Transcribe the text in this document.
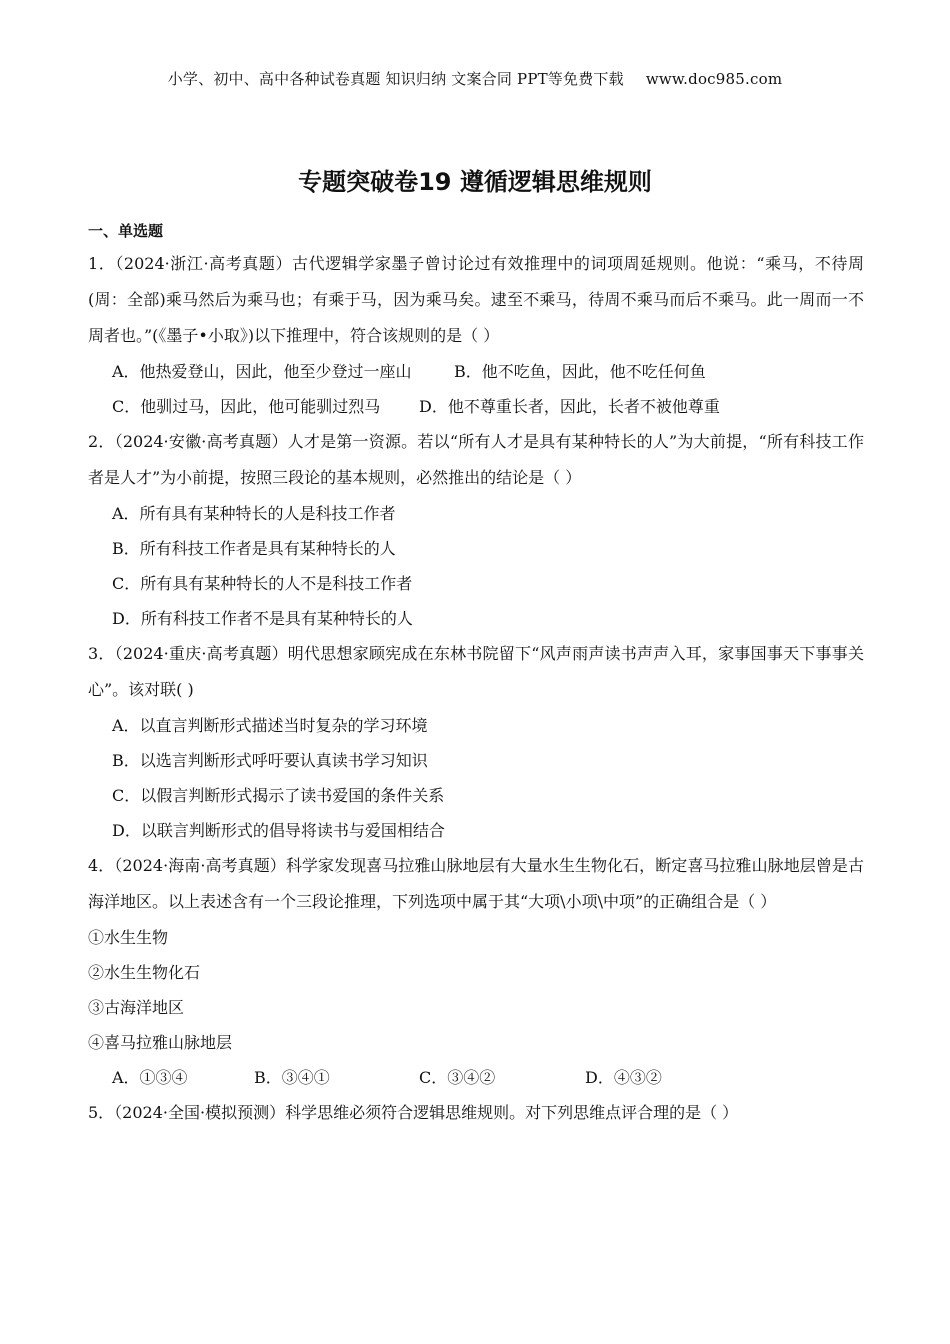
小学、初中、高中各种试卷真题 知识归纳 文案合同 PPT等免费下载 www.doc985.com
专题突破卷19 遵循逻辑思维规则
一、单选题
1．（2024·浙江·高考真题）古代逻辑学家墨子曾讨论过有效推理中的词项周延规则。他说：“乘马，不待周(周：全部)乘马然后为乘马也；有乘于马，因为乘马矣。逮至不乘马，待周不乘马而后不乘马。此一周而一不周者也。”(《墨子•小取》)以下推理中，符合该规则的是（ ）
A．他热爱登山，因此，他至少登过一座山	B．他不吃鱼，因此，他不吃任何鱼
C．他驯过马，因此，他可能驯过烈马 D．他不尊重长者，因此，长者不被他尊重
2．（2024·安徽·高考真题）人才是第一资源。若以“所有人才是具有某种特长的人”为大前提，“所有科技工作者是人才”为小前提，按照三段论的基本规则，必然推出的结论是（ ）
A．所有具有某种特长的人是科技工作者
B．所有科技工作者是具有某种特长的人
C．所有具有某种特长的人不是科技工作者
D．所有科技工作者不是具有某种特长的人
3．（2024·重庆·高考真题）明代思想家顾宪成在东林书院留下“风声雨声读书声声入耳，家事国事天下事事关心”。该对联( )
A．以直言判断形式描述当时复杂的学习环境
B．以选言判断形式呼吁要认真读书学习知识
C．以假言判断形式揭示了读书爱国的条件关系
D．以联言判断形式的倡导将读书与爱国相结合
4．（2024·海南·高考真题）科学家发现喜马拉雅山脉地层有大量水生生物化石，断定喜马拉雅山脉地层曾是古海洋地区。以上表述含有一个三段论推理，下列选项中属于其“大项\小项\中项”的正确组合是（ ）
①水生生物
②水生生物化石
③古海洋地区
④喜马拉雅山脉地层
A．①③④	B．③④①	C．③④②	D．④③②
5．（2024·全国·模拟预测）科学思维必须符合逻辑思维规则。对下列思维点评合理的是（ ）
